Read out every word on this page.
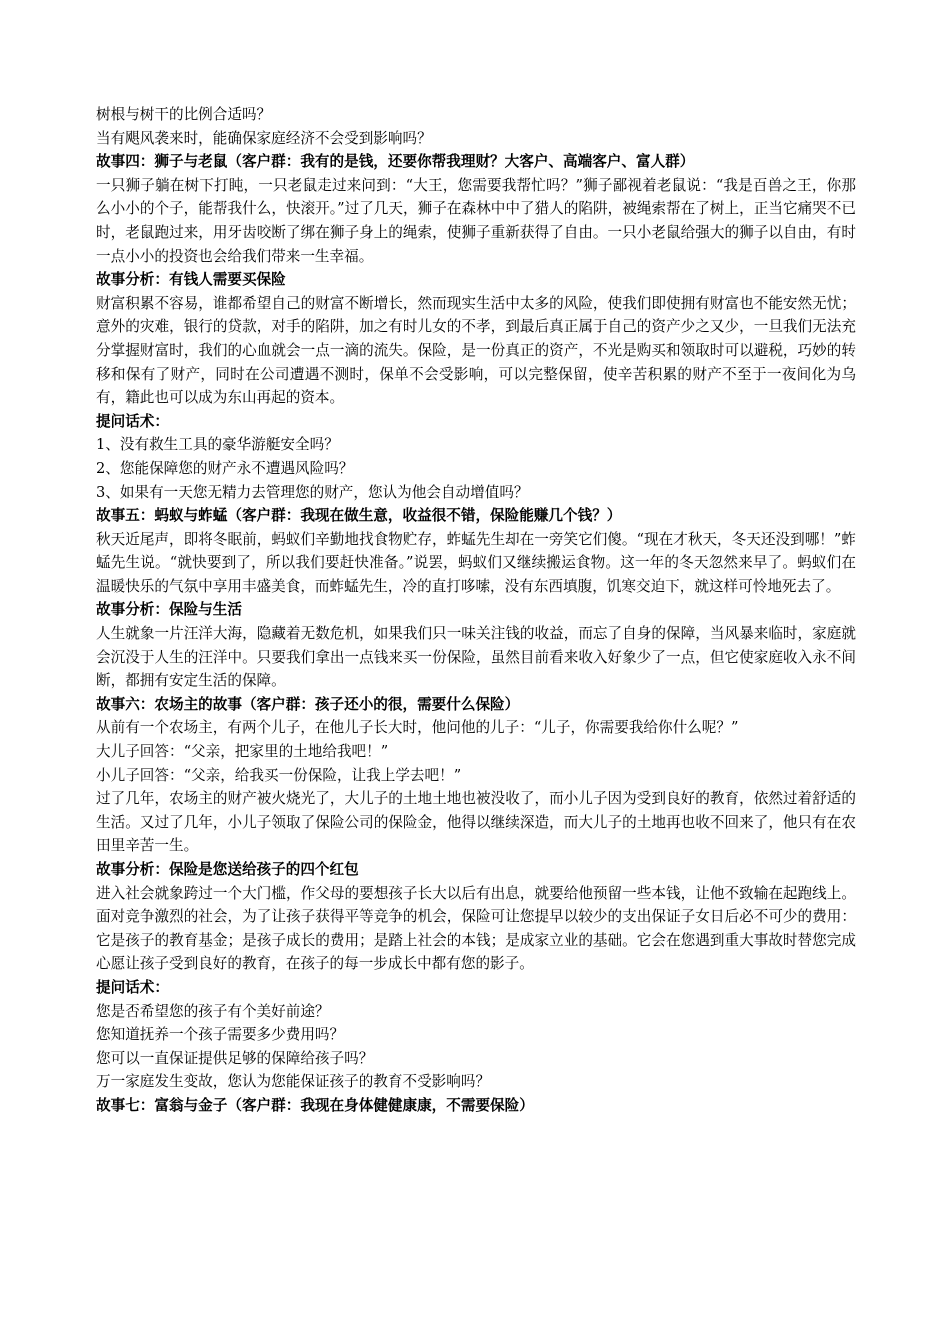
树根与树干的比例合适吗？

当有飓风袭来时，能确保家庭经济不会受到影响吗？

故事四：狮子与老鼠（客户群：我有的是钱，还要你帮我理财？大客户、高端客户、富人群）

一只狮子躺在树下打盹，一只老鼠走过来问到：“大王，您需要我帮忙吗？”狮子鄙视着老鼠说：“我是百兽之王，你那么小小的个子，能帮我什么，快滚开。”过了几天，狮子在森林中中了猎人的陷阱，被绳索帮在了树上，正当它痛哭不已时，老鼠跑过来，用牙齿咬断了绑在狮子身上的绳索，使狮子重新获得了自由。一只小老鼠给强大的狮子以自由，有时一点小小的投资也会给我们带来一生幸福。

故事分析：有钱人需要买保险

财富积累不容易，谁都希望自己的财富不断增长，然而现实生活中太多的风险，使我们即使拥有财富也不能安然无忧；意外的灾难，银行的贷款，对手的陷阱，加之有时儿女的不孝，到最后真正属于自己的资产少之又少，一旦我们无法充分掌握财富时，我们的心血就会一点一滴的流失。保险，是一份真正的资产，不光是购买和领取时可以避税，巧妙的转移和保有了财产，同时在公司遭遇不测时，保单不会受影响，可以完整保留，使辛苦积累的财产不至于一夜间化为乌有，籍此也可以成为东山再起的资本。

提问话术：

1、没有救生工具的豪华游艇安全吗？

2、您能保障您的财产永不遭遇风险吗？

3、如果有一天您无精力去管理您的财产，您认为他会自动增值吗？

故事五：蚂蚁与蚱蜢（客户群：我现在做生意，收益很不错，保险能赚几个钱？）

秋天近尾声，即将冬眠前，蚂蚁们辛勤地找食物贮存，蚱蜢先生却在一旁笑它们傻。“现在才秋天，冬天还没到哪！”蚱蜢先生说。“就快要到了，所以我们要赶快准备。”说罢，蚂蚁们又继续搬运食物。这一年的冬天忽然来早了。蚂蚁们在温暖快乐的气氛中享用丰盛美食，而蚱蜢先生，冷的直打哆嗦，没有东西填腹，饥寒交迫下，就这样可怜地死去了。

故事分析：保险与生活

人生就象一片汪洋大海，隐藏着无数危机，如果我们只一味关注钱的收益，而忘了自身的保障，当风暴来临时，家庭就会沉没于人生的汪洋中。只要我们拿出一点钱来买一份保险，虽然目前看来收入好象少了一点，但它使家庭收入永不间断，都拥有安定生活的保障。

故事六：农场主的故事（客户群：孩子还小的很，需要什么保险）

从前有一个农场主，有两个儿子，在他儿子长大时，他问他的儿子：“儿子，你需要我给你什么呢？”

大儿子回答：“父亲，把家里的土地给我吧！”

小儿子回答：“父亲，给我买一份保险，让我上学去吧！”

过了几年，农场主的财产被火烧光了，大儿子的土地土地也被没收了，而小儿子因为受到良好的教育，依然过着舒适的生活。又过了几年，小儿子领取了保险公司的保险金，他得以继续深造，而大儿子的土地再也收不回来了，他只有在农田里辛苦一生。

故事分析：保险是您送给孩子的四个红包

进入社会就象跨过一个大门槛，作父母的要想孩子长大以后有出息，就要给他预留一些本钱，让他不致输在起跑线上。面对竞争激烈的社会，为了让孩子获得平等竞争的机会，保险可让您提早以较少的支出保证子女日后必不可少的费用：它是孩子的教育基金；是孩子成长的费用；是踏上社会的本钱；是成家立业的基础。它会在您遇到重大事故时替您完成心愿让孩子受到良好的教育，在孩子的每一步成长中都有您的影子。

提问话术：

您是否希望您的孩子有个美好前途？

您知道抚养一个孩子需要多少费用吗？

您可以一直保证提供足够的保障给孩子吗？

万一家庭发生变故，您认为您能保证孩子的教育不受影响吗？

故事七：富翁与金子（客户群：我现在身体健健康康，不需要保险）
